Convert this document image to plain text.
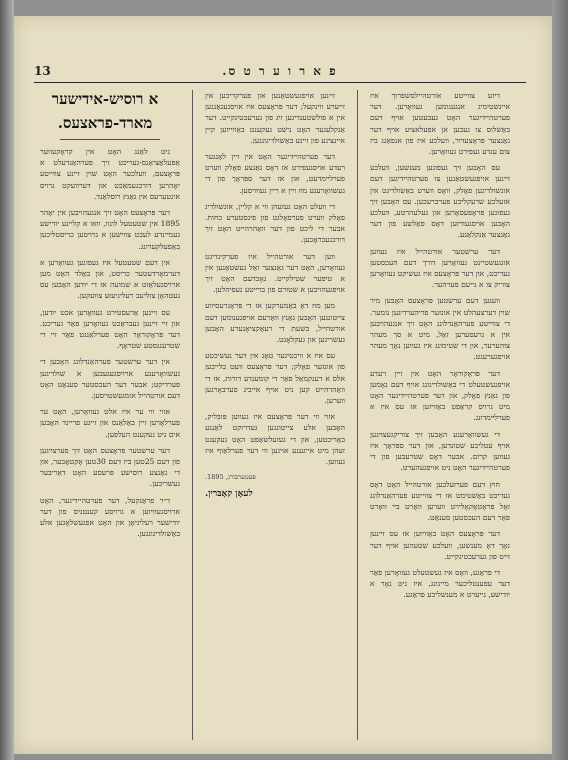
13	פ א ר ו ע ר ט ס.

דיזע צווייטע אורטהיילסשפרוך איז איינשטימיג אנגענומען געוואָרען. דער פערטהיידיגער האָט געבעטען אויף דעם באַשלוס צו געבען אן אפעלאציע אויף דער גאַנצער פּראָצעדור, וועלכע איז פון אנפאַנג ביז צום ענדע געפירט געוואָרען.

עס האָבען זיך געפונען מענשען, וועלכע זיינען אויפגעשטאַנען צו פערטהיידיגען דעם אונשולדיגען פאָלק, וואָס ווערט באַשולדיגט אין אזעלכע שרעקליכע פערברעכען. עס האָבען זיך געפונען פּראָפעסאָרען און געלעהרטע, וועלכע האָבען אויסגעוויזען דאָס פאַלשע פון דער גאַנצער אַנקלאַגע.

דער ערשטער אורטהייל איז געווען אונגעשטיינט געוואָרען דורך דעם העכסטען געריכט, און דער פּראָצעס איז געשיקט געוואָרען צוריק צו א נייעם פערהער.

וועגען דעם ערשטען פּראָצעס האָבען מיר שוין דערצעהלט אין אונזער פריהערדיגען נומער. די צווייטע פערהאַנדלונג האָט זיך אנגעהויבען אין א גרעסערען זאַל, מיט א סך מעהר צוהערער, און די שטימונג איז געווען נאָך מעהר אויפגערעגט.

דער פּראָקוראָר האָט אין זיין רעדע אויפגעשטעלט די באַשולדיגונג אויף דעם נאָמען פון גאַנץ פאָלק, און דער פערטהיידיגער האָט מיט גרויס קראַפט באַוויזען אז עס איז א פערלײמדונג.

די געשוואָרענע האָבען זיך צוריקגעצויגען אויף עטליכע שטונדען, און דער ספּראָך איז געווען קרום. אבער דאָס שטרעבען פון די פערטהיידיגער האָט ניט אויפגעהערט.

חוץ דעם פערזעלבען אורטהייל האָט דאָס געריכט באַשטימט אז די צווייטע פערהאַנדלונג זאָל פּראָטאָקאָלירט ווערען וואָרט ביי וואָרט פאַר דעם העכסטען סענאַט.

דער פּראָצעס האָט באַוויזען אז עס זיינען נאָך דאָ מענשען, וועלכע שטעהען אויף דער זייט פון גערעכטיגקייט.

די פראַגע, וואָס איז געשטעלט געוואָרען פאַר דער עפענטליכער מיינונג, איז ניט נאָר א יודישע, נייערט א מענשליכע פראַגע.

זיינען אויפגעשטאַנען און פערקריכען אין זייערע ווינקעל; דער פּראָצעס איז אויסגעגאַנגען אין א פולשטענדיגען זיג פון גערעכטיגקייט. דער אַנקלעגער האָט נישט געקענט באַווייזען קיין איינציגע פון זיינע באַשולדיגונגען.

דער פערטהיידיגער האָט אין זיין לאַנגער רעדע אויסגעפירט אז דאָס גאַנצע פאָלק ווערט פערלײמדעט, און אז דער ספּראָך פון די געשוואָרענע מוז זיין א ריין געווּויסען.

די וועלט האָט געזעהן ווי א קליין, אונשולדיג פאָלק ווערט פערפאָלגט פון פינסטערע כחות. אבער די ליכט פון דער וואַהרהייט האָט זיך דורכגעבראָכען.

ווען דער אורטהייל איז פערקינדיגט געוואָרען, האָט דער גאַנצער זאַל געשטאַנען אין א טיפער שטילקייט. נאָכדעם האָט זיך אויפגעהויבען א שטורם פון ברייטע געפיהלען.

מען מוז דאָ באַמערקען אז די פּראָגרעסיווע צייטונגען האָבען גאַנץ וואַרעם אויפגענומען דעם אורטהייל, בשעת די רעאַקציאָנערע האָבען געשריגען און געקלאָגט.

עס איז א וויכטיגער טאָג אין דער געשיכטע פון אונזער פאָלק; דער פּראָצעס וועט בלייבען אלס א דענקמאַל פאַר די קומענדע דורות, אז די וואַהרהייט קען ניט אויף אייביג פערבאָרגען ווערען.

אזוי ווי דער פּראָצעס איז געווען פּובּליק, האָבען אלע צייטונגען געדרוקט לאַנגע באַריכטען, און די געזעלשאַפט האָט געקענט זעהן מיט אייגענע אויגען ווי דער פערלאַוף איז געווען.

פּעטערבּורג, 1895.

לעאָן קאָבּרין.

א רוסיש-אידישער

מארד-פראצעס.

ניט לאַנג האָט אין קראָקעווער אַפּעלאַציאָנס-געריכט זיך פערהאַנדעלט א פּראָצעס, וועלכער האָט שוין זיינע צווייטע יאָהרען דורכגעמאַכט און דערוועקט גרויס אינטערעס אין גאַנץ רוסלאַנד.

דער פּראָצעס האָט זיך אנגעהויבען אין יאָהר 1895 אין שטעטעל לונוו, וואו א קליינע יודישע געמיינדע לעבט צווישען א גרויסען כריסטליכען באַפעלקערונג.

אין דעם שטעטעל איז געפונען געוואָרען א דערמאָרדעטער כריסט, און באַלד האָט מען ארויסגעלאָזט א שמועה אז די יודען האָבען עס געטהאָן צוליעב רעליגיעזע צוועקען.

עס זיינען אַרעסטירט געוואָרען אכט יודען, און זיי זיינען געבראַכט געוואָרען פאַר געריכט. דער פּראָקוראָר האָט פערלאַנגט פאַר זיי די שטרענגסטע שטראָף.

אין דער ערשטער פערהאַנדלונג האָבען די געשוואָרענע ארויסגעגעבען א שולדיגען פערדיקט; אבער דער העכסטער סענאַט האָט דעם אורטהייל אומגעשטויסען.

אזוי ווי ער איז אלט געוואָרען, האָט ער פערלאָרען זיין באַלאַנס און זיינע פריינד האָבען אים ניט געקענט העלפען.

דער ערשטער פּראָצעס האָט זיך פערצויגען פון דעם 25טען ביז דעם 30טען אָקטאָבער, און די גאַנצע רוסישע פּרעסע האָט דאַריבער געשריבען.

ד״ר פראַנקעל, דער פערטהיידיגער, האָט ארויסגעוויזען א גרויסע קענטניס פון דער יודישער רעליגיאָן און האָט אפגעשלאָגען אלע באַשולדיגונגען.
